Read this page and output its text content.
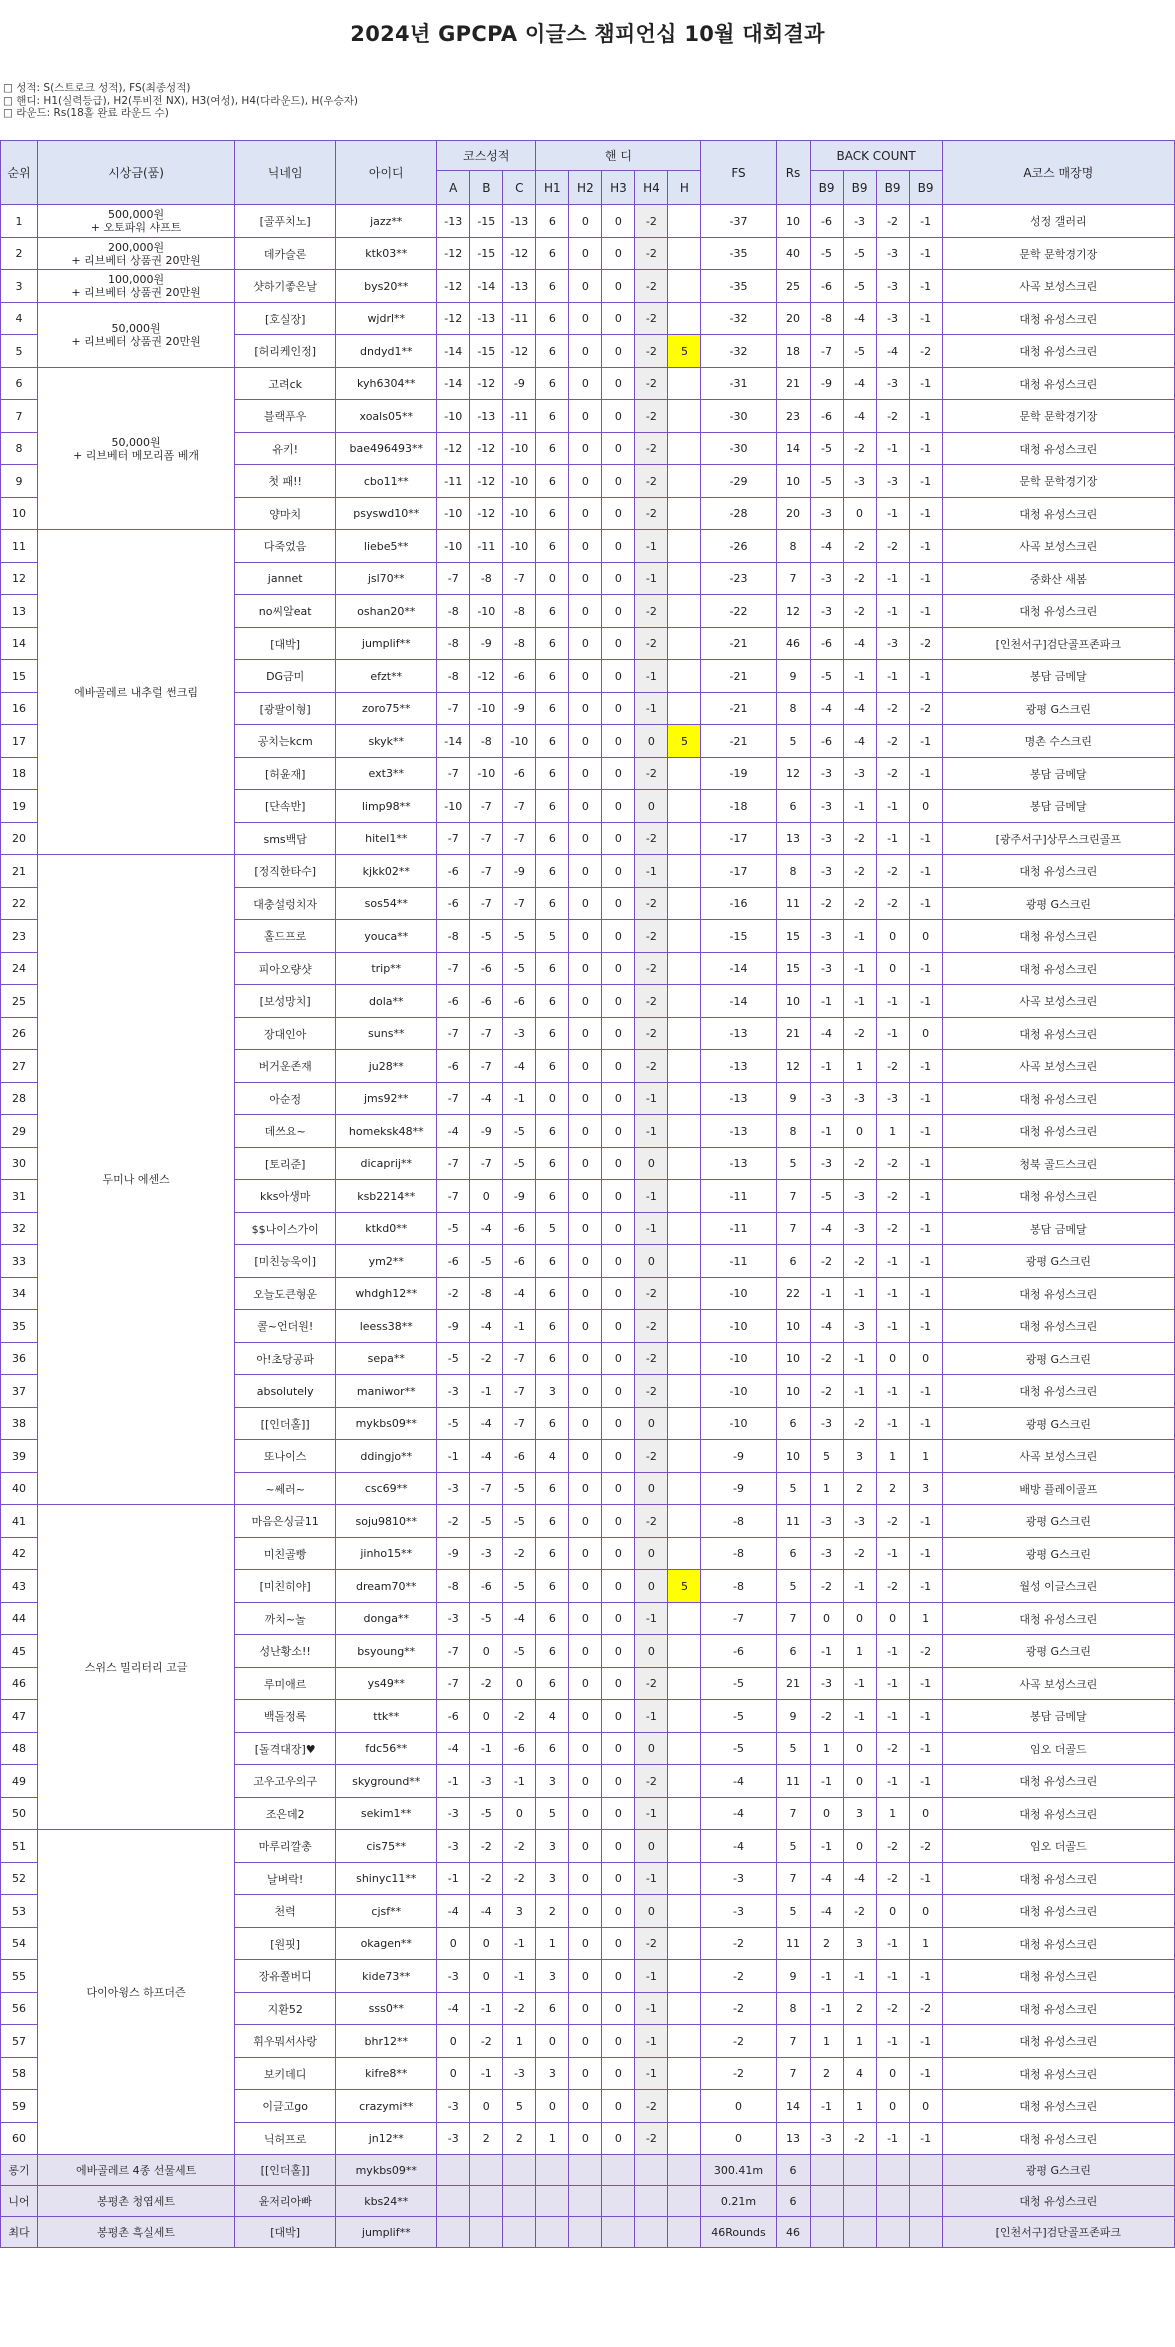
2024년 GPCPA 이글스 챔피언십 10월 대회결과
□ 성적: S(스트로크 성적), FS(최종성적)
□ 핸디: H1(실력등급), H2(투비전 NX), H3(여성), H4(다라운드), H(우승자)
□ 라운드: Rs(18홀 완료 라운드 수)
순위	시상금(품)	닉네임	아이디	코스성적			핸 디					FS	Rs	BACK COUNT				A코스 매장명
				A	B	C	H1	H2	H3	H4	H			B9	B9	B9	B9	
1	500,000원
+ 오토파워 샤프트	[골푸치노]	jazz**	-13	-15	-13	6	0	0	-2		-37	10	-6	-3	-2	-1	성정 갤러리
2	200,000원
+ 리브베터 상품권 20만원	데카슬론	ktk03**	-12	-15	-12	6	0	0	-2		-35	40	-5	-5	-3	-1	문학 문학경기장
3	100,000원
+ 리브베터 상품권 20만원	샷하기좋은날	bys20**	-12	-14	-13	6	0	0	-2		-35	25	-6	-5	-3	-1	사곡 보성스크린
4	50,000원
+ 리브베터 상품권 20만원	[호실장]	wjdrl**	-12	-13	-11	6	0	0	-2		-32	20	-8	-4	-3	-1	대청 유성스크린
5		[허리케인정]	dndyd1**	-14	-15	-12	6	0	0	-2	5	-32	18	-7	-5	-4	-2	대청 유성스크린
6	50,000원
+ 리브베터 메모리폼 베개	고려ck	kyh6304**	-14	-12	-9	6	0	0	-2		-31	21	-9	-4	-3	-1	대청 유성스크린
7		블랙푸우	xoals05**	-10	-13	-11	6	0	0	-2		-30	23	-6	-4	-2	-1	문학 문학경기장
8		유키!	bae496493**	-12	-12	-10	6	0	0	-2		-30	14	-5	-2	-1	-1	대청 유성스크린
9		첫 패!!	cbo11**	-11	-12	-10	6	0	0	-2		-29	10	-5	-3	-3	-1	문학 문학경기장
10		양마치	psyswd10**	-10	-12	-10	6	0	0	-2		-28	20	-3	0	-1	-1	대청 유성스크린
11	에바골레르 내추럴 썬크림	다죽었음	liebe5**	-10	-11	-10	6	0	0	-1		-26	8	-4	-2	-2	-1	사곡 보성스크린
12		jannet	jsl70**	-7	-8	-7	0	0	0	-1		-23	7	-3	-2	-1	-1	중화산 새봄
13		no씨알eat	oshan20**	-8	-10	-8	6	0	0	-2		-22	12	-3	-2	-1	-1	대청 유성스크린
14		[대박]	jumplif**	-8	-9	-8	6	0	0	-2		-21	46	-6	-4	-3	-2	[인천서구]검단골프존파크
15		DG금미	efzt**	-8	-12	-6	6	0	0	-1		-21	9	-5	-1	-1	-1	봉담 금메달
16		[광팔이형]	zoro75**	-7	-10	-9	6	0	0	-1		-21	8	-4	-4	-2	-2	광평 G스크린
17		공치는kcm	skyk**	-14	-8	-10	6	0	0	0	5	-21	5	-6	-4	-2	-1	명촌 수스크린
18		[허윤재]	ext3**	-7	-10	-6	6	0	0	-2		-19	12	-3	-3	-2	-1	봉담 금메달
19		[단속반]	limp98**	-10	-7	-7	6	0	0	0		-18	6	-3	-1	-1	0	봉담 금메달
20		sms백담	hitel1**	-7	-7	-7	6	0	0	-2		-17	13	-3	-2	-1	-1	[광주서구]상무스크린골프
21	두미나 에센스	[정직한타수]	kjkk02**	-6	-7	-9	6	0	0	-1		-17	8	-3	-2	-2	-1	대청 유성스크린
22		대충설렁치자	sos54**	-6	-7	-7	6	0	0	-2		-16	11	-2	-2	-2	-1	광평 G스크린
23		홀드프로	youca**	-8	-5	-5	5	0	0	-2		-15	15	-3	-1	0	0	대청 유성스크린
24		피아오량샷	trip**	-7	-6	-5	6	0	0	-2		-14	15	-3	-1	0	-1	대청 유성스크린
25		[보성망치]	dola**	-6	-6	-6	6	0	0	-2		-14	10	-1	-1	-1	-1	사곡 보성스크린
26		장대인아	suns**	-7	-7	-3	6	0	0	-2		-13	21	-4	-2	-1	0	대청 유성스크린
27		버거운존재	ju28**	-6	-7	-4	6	0	0	-2		-13	12	-1	1	-2	-1	사곡 보성스크린
28		아순정	jms92**	-7	-4	-1	0	0	0	-1		-13	9	-3	-3	-3	-1	대청 유성스크린
29		데쓰요~	homeksk48**	-4	-9	-5	6	0	0	-1		-13	8	-1	0	1	-1	대청 유성스크린
30		[토리준]	dicaprij**	-7	-7	-5	6	0	0	0		-13	5	-3	-2	-2	-1	청북 골드스크린
31		kks아생마	ksb2214**	-7	0	-9	6	0	0	-1		-11	7	-5	-3	-2	-1	대청 유성스크린
32		$$나이스가이	ktkd0**	-5	-4	-6	5	0	0	-1		-11	7	-4	-3	-2	-1	봉담 금메달
33		[미친능욱이]	ym2**	-6	-5	-6	6	0	0	0		-11	6	-2	-2	-1	-1	광평 G스크린
34		오늘도큰형운	whdgh12**	-2	-8	-4	6	0	0	-2		-10	22	-1	-1	-1	-1	대청 유성스크린
35		콜~언더원!	leess38**	-9	-4	-1	6	0	0	-2		-10	10	-4	-3	-1	-1	대청 유성스크린
36		아!초당공파	sepa**	-5	-2	-7	6	0	0	-2		-10	10	-2	-1	0	0	광평 G스크린
37		absolutely	maniwor**	-3	-1	-7	3	0	0	-2		-10	10	-2	-1	-1	-1	대청 유성스크린
38		[[인더홀]]	mykbs09**	-5	-4	-7	6	0	0	0		-10	6	-3	-2	-1	-1	광평 G스크린
39		또나이스	ddingjo**	-1	-4	-6	4	0	0	-2		-9	10	5	3	1	1	사곡 보성스크린
40		~쎄러~	csc69**	-3	-7	-5	6	0	0	0		-9	5	1	2	2	3	배방 플레이골프
41	스위스 밀리터리 고글	마음은싱글11	soju9810**	-2	-5	-5	6	0	0	-2		-8	11	-3	-3	-2	-1	광평 G스크린
42		미친골빵	jinho15**	-9	-3	-2	6	0	0	0		-8	6	-3	-2	-1	-1	광평 G스크린
43		[미친히야]	dream70**	-8	-6	-5	6	0	0	0	5	-8	5	-2	-1	-2	-1	월성 이글스크린
44		까치~놀	donga**	-3	-5	-4	6	0	0	-1		-7	7	0	0	0	1	대청 유성스크린
45		성난황소!!	bsyoung**	-7	0	-5	6	0	0	0		-6	6	-1	1	-1	-2	광평 G스크린
46		루미애르	ys49**	-7	-2	0	6	0	0	-2		-5	21	-3	-1	-1	-1	사곡 보성스크린
47		백돌정록	ttk**	-6	0	-2	4	0	0	-1		-5	9	-2	-1	-1	-1	봉담 금메달
48		[돌격대장]♥	fdc56**	-4	-1	-6	6	0	0	0		-5	5	1	0	-2	-1	임오 더골드
49		고우고우의구	skyground**	-1	-3	-1	3	0	0	-2		-4	11	-1	0	-1	-1	대청 유성스크린
50		조은데2	sekim1**	-3	-5	0	5	0	0	-1		-4	7	0	3	1	0	대청 유성스크린
51	다이아윙스 하프더즌	마루리깔총	cis75**	-3	-2	-2	3	0	0	0		-4	5	-1	0	-2	-2	임오 더골드
52		날벼락!	shinyc11**	-1	-2	-2	3	0	0	-1		-3	7	-4	-4	-2	-1	대청 유성스크린
53		천력	cjsf**	-4	-4	3	2	0	0	0		-3	5	-4	-2	0	0	대청 유성스크린
54		[원핏]	okagen**	0	0	-1	1	0	0	-2		-2	11	2	3	-1	1	대청 유성스크린
55		장유쫄버디	kide73**	-3	0	-1	3	0	0	-1		-2	9	-1	-1	-1	-1	대청 유성스크린
56		지환52	sss0**	-4	-1	-2	6	0	0	-1		-2	8	-1	2	-2	-2	대청 유성스크린
57		휘우뭐서사랑	bhr12**	0	-2	1	0	0	0	-1		-2	7	1	1	-1	-1	대청 유성스크린
58		보키데디	kifre8**	0	-1	-3	3	0	0	-1		-2	7	2	4	0	-1	대청 유성스크린
59		이글고go	crazymi**	-3	0	5	0	0	0	-2		0	14	-1	1	0	0	대청 유성스크린
60		닉허프로	jn12**	-3	2	2	1	0	0	-2		0	13	-3	-2	-1	-1	대청 유성스크린
롱기	에바골레르 4종 선물세트	[[인더홀]]	mykbs09**									300.41m	6					광평 G스크린
니어	봉평촌 청엽세트	윤저리아빠	kbs24**									0.21m	6					대청 유성스크린
최다	봉평촌 흑실세트	[대박]	jumplif**									46Rounds	46					[인천서구]검단골프존파크
